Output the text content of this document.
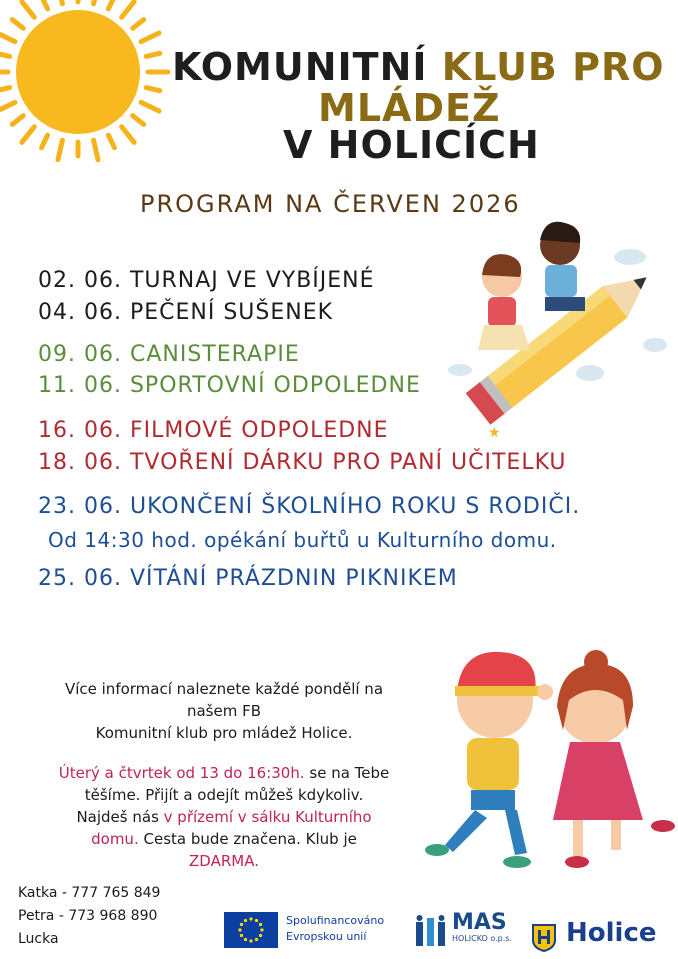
KOMUNITNÍ KLUB PRO
MLÁDEŽ
V HOLICÍCH
PROGRAM NA ČERVEN 2026
★
02. 06. TURNAJ VE VYBÍJENÉ
04. 06. PEČENÍ SUŠENEK
09. 06. CANISTERAPIE
11. 06. SPORTOVNÍ ODPOLEDNE
16. 06. FILMOVÉ ODPOLEDNE
18. 06. TVOŘENÍ DÁRKU PRO PANÍ UČITELKU
23. 06. UKONČENÍ ŠKOLNÍHO ROKU S RODIČI.
Od 14:30 hod. opékání buřtů u Kulturního domu.
25. 06. VÍTÁNÍ PRÁZDNIN PIKNIKEM
Více informací naleznete každé pondělí na
našem FB
Komunitní klub pro mládež Holice.
Úterý a čtvrtek od 13 do 16:30h. se na Tebe
těšíme. Přijít a odejít můžeš kdykoliv.
Najdeš nás v přízemí v sálku Kulturního
domu. Cesta bude značena. Klub je
ZDARMA.
Katka - 777 765 849
Petra - 773 968 890
Lucka
Spolufinancováno
Evropskou unií
MAS
HOLICKO o.p.s. Holice
